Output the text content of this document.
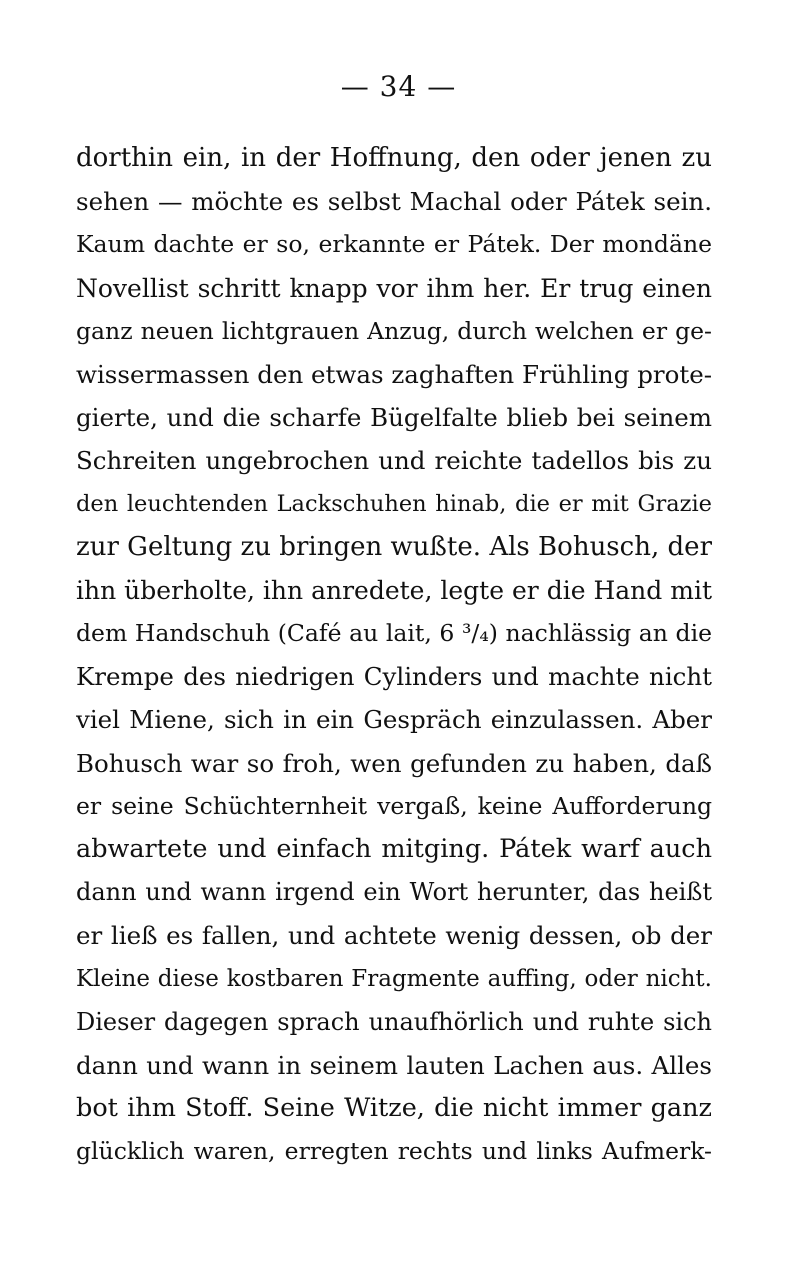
— 34 —
dorthin ein, in der Hoffnung, den oder jenen zu
sehen — möchte es selbst Machal oder Pátek sein.
Kaum dachte er so, erkannte er Pátek. Der mondäne
Novellist schritt knapp vor ihm her. Er trug einen
ganz neuen lichtgrauen Anzug, durch welchen er ge-
wissermassen den etwas zaghaften Frühling prote-
gierte, und die scharfe Bügelfalte blieb bei seinem
Schreiten ungebrochen und reichte tadellos bis zu
den leuchtenden Lackschuhen hinab, die er mit Grazie
zur Geltung zu bringen wußte. Als Bohusch, der
ihn überholte, ihn anredete, legte er die Hand mit
dem Handschuh (Café au lait, 6 ³/₄) nachlässig an die
Krempe des niedrigen Cylinders und machte nicht
viel Miene, sich in ein Gespräch einzulassen. Aber
Bohusch war so froh, wen gefunden zu haben, daß
er seine Schüchternheit vergaß, keine Aufforderung
abwartete und einfach mitging. Pátek warf auch
dann und wann irgend ein Wort herunter, das heißt
er ließ es fallen, und achtete wenig dessen, ob der
Kleine diese kostbaren Fragmente auffing, oder nicht.
Dieser dagegen sprach unaufhörlich und ruhte sich
dann und wann in seinem lauten Lachen aus. Alles
bot ihm Stoff. Seine Witze, die nicht immer ganz
glücklich waren, erregten rechts und links Aufmerk-
